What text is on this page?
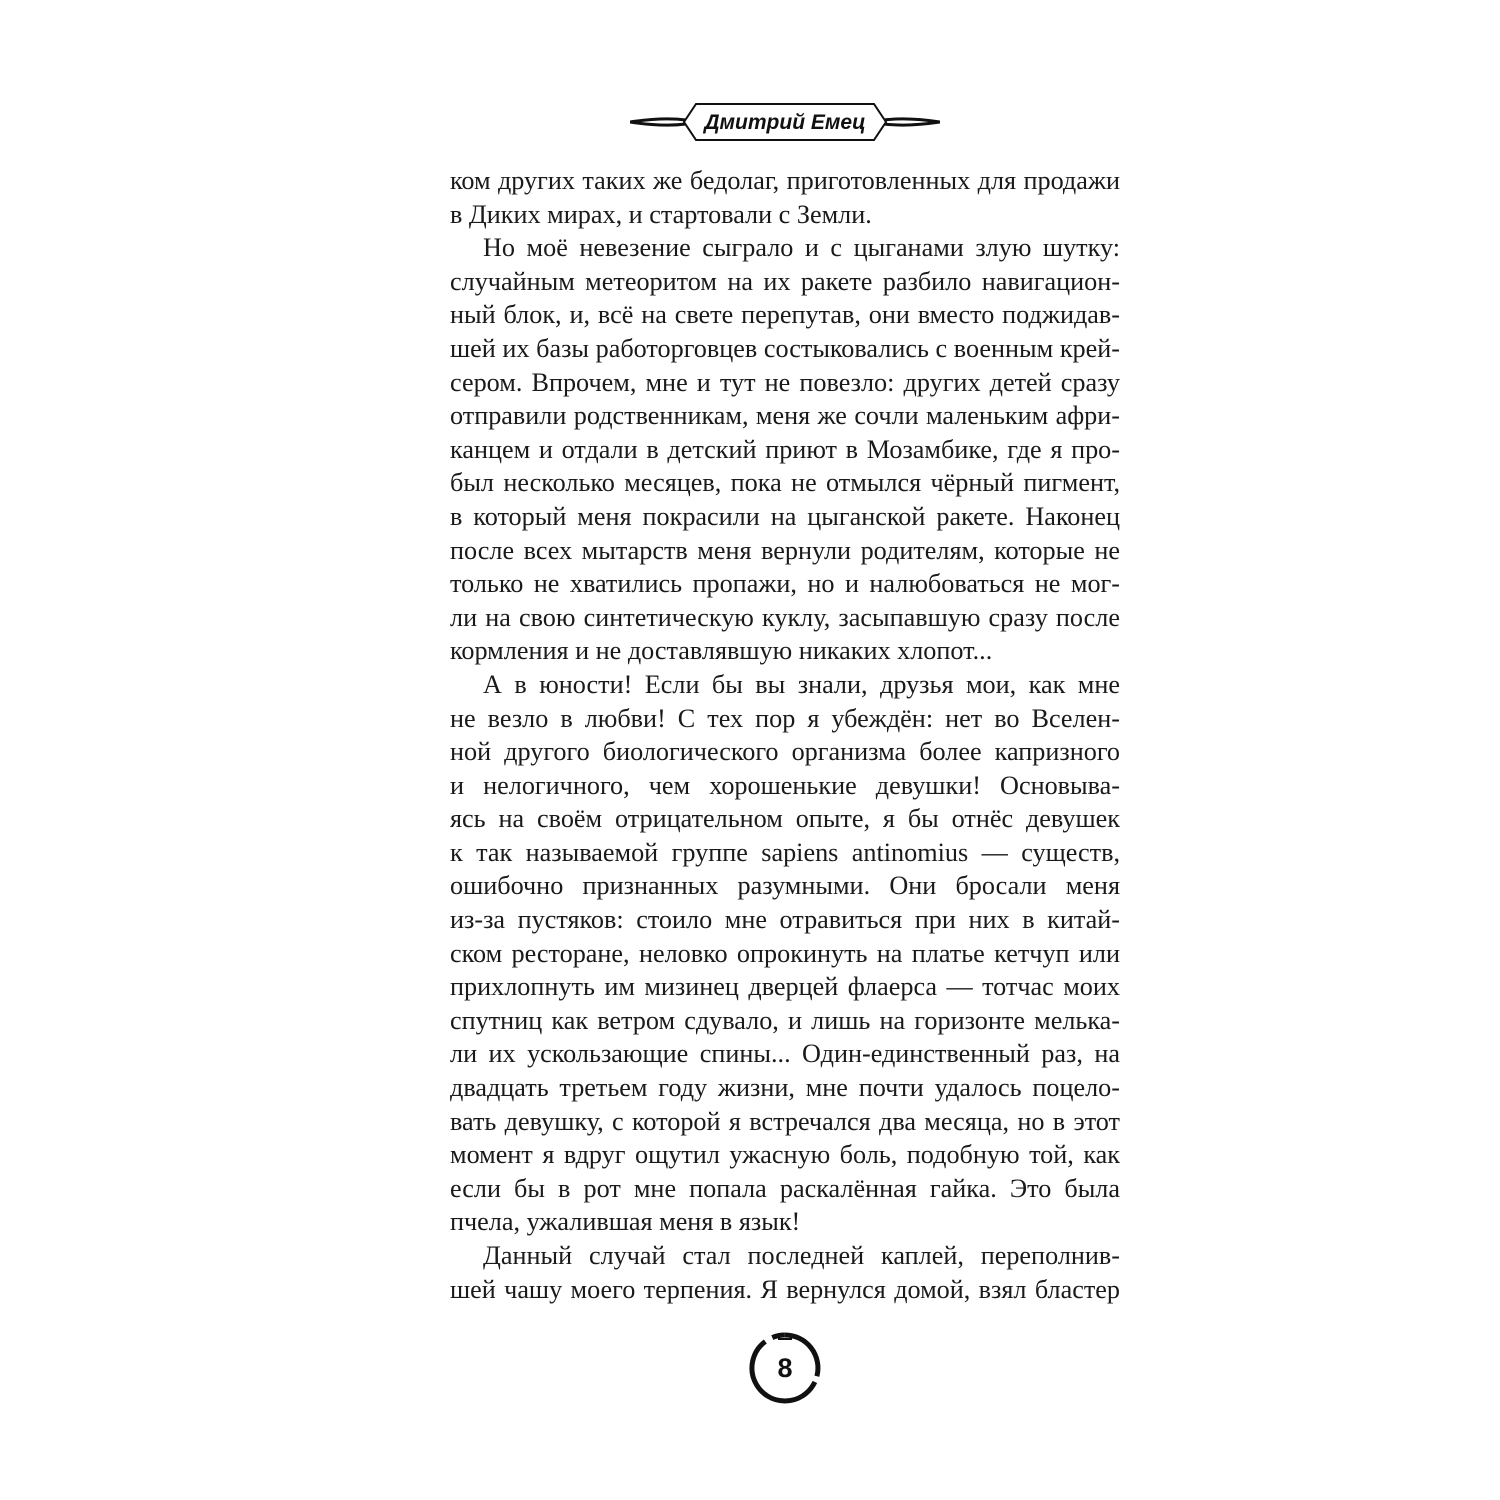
Дмитрий Емец
ком других таких же бедолаг, приготовленных для продажи
в Диких мирах, и стартовали с Земли.
Но моё невезение сыграло и с цыганами злую шутку:
случайным метеоритом на их ракете разбило навигацион-
ный блок, и, всё на свете перепутав, они вместо поджидав-
шей их базы работорговцев состыковались с военным крей-
сером. Впрочем, мне и тут не повезло: других детей сразу
отправили родственникам, меня же сочли маленьким афри-
канцем и отдали в детский приют в Мозамбике, где я про-
был несколько месяцев, пока не отмылся чёрный пигмент,
в который меня покрасили на цыганской ракете. Наконец
после всех мытарств меня вернули родителям, которые не
только не хватились пропажи, но и налюбоваться не мог-
ли на свою синтетическую куклу, засыпавшую сразу после
кормления и не доставлявшую никаких хлопот...
А в юности! Если бы вы знали, друзья мои, как мне
не везло в любви! С тех пор я убеждён: нет во Вселен-
ной другого биологического организма более капризного
и нелогичного, чем хорошенькие девушки! Основыва-
ясь на своём отрицательном опыте, я бы отнёс девушек
к так называемой группе sapiens antinomius — существ,
ошибочно признанных разумными. Они бросали меня
из-за пустяков: стоило мне отравиться при них в китай-
ском ресторане, неловко опрокинуть на платье кетчуп или
прихлопнуть им мизинец дверцей флаерса — тотчас моих
спутниц как ветром сдувало, и лишь на горизонте мелька-
ли их ускользающие спины... Один-единственный раз, на
двадцать третьем году жизни, мне почти удалось поцело-
вать девушку, с которой я встречался два месяца, но в этот
момент я вдруг ощутил ужасную боль, подобную той, как
если бы в рот мне попала раскалённая гайка. Это была
пчела, ужалившая меня в язык!
Данный случай стал последней каплей, переполнив-
шей чашу моего терпения. Я вернулся домой, взял бластер
8
